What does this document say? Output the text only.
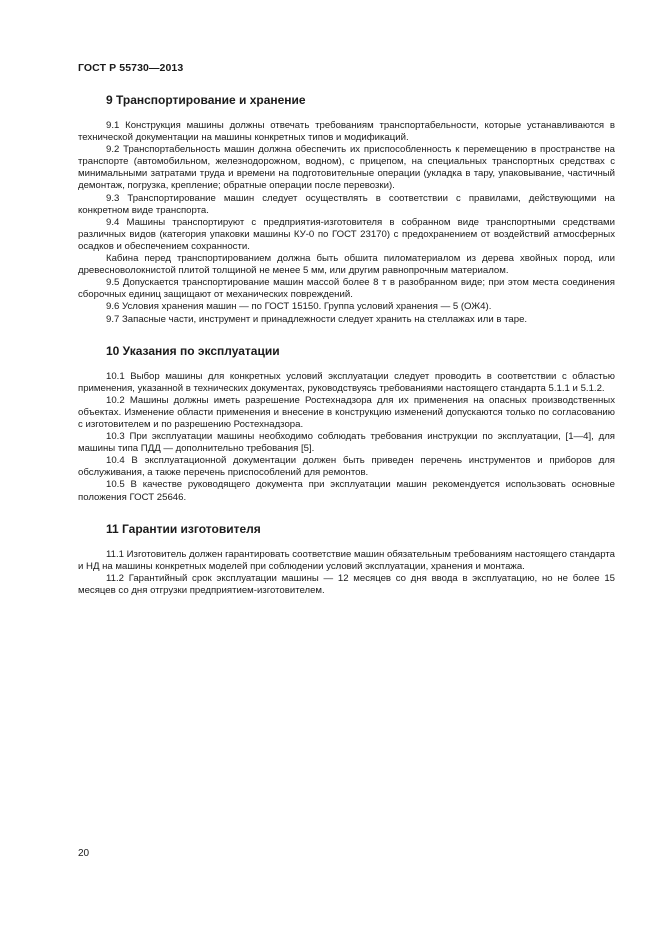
ГОСТ Р 55730—2013
9 Транспортирование и хранение

9.1 Конструкция машины должны отвечать требованиям транспортабельности, которые устанавливаются в технической документации на машины конкретных типов и модификаций.

9.2 Транспортабельность машин должна обеспечить их приспособленность к перемещению в пространстве на транспорте (автомобильном, железнодорожном, водном), с прицепом, на специальных транспортных средствах с минимальными затратами труда и времени на подготовительные операции (укладка в тару, упаковывание, частичный демонтаж, погрузка, крепление; обратные операции после перевозки).

9.3 Транспортирование машин следует осуществлять в соответствии с правилами, действующими на конкретном виде транспорта.

9.4 Машины транспортируют с предприятия-изготовителя в собранном виде транспортными средствами различных видов (категория упаковки машины КУ-0 по ГОСТ 23170) с предохранением от воздействий атмосферных осадков и обеспечением сохранности.

Кабина перед транспортированием должна быть обшита пиломатериалом из дерева хвойных пород, или древесноволокнистой плитой толщиной не менее 5 мм, или другим равнопрочным материалом.

9.5 Допускается транспортирование машин массой более 8 т в разобранном виде; при этом места соединения сборочных единиц защищают от механических повреждений.

9.6 Условия хранения машин — по ГОСТ 15150. Группа условий хранения — 5 (ОЖ4).

9.7 Запасные части, инструмент и принадлежности следует хранить на стеллажах или в таре.

10 Указания по эксплуатации

10.1 Выбор машины для конкретных условий эксплуатации следует проводить в соответствии с областью применения, указанной в технических документах, руководствуясь требованиями настоящего стандарта 5.1.1 и 5.1.2.

10.2 Машины должны иметь разрешение Ростехнадзора для их применения на опасных производственных объектах. Изменение области применения и внесение в конструкцию изменений допускаются только по согласованию с изготовителем и по разрешению Ростехнадзора.

10.3 При эксплуатации машины необходимо соблюдать требования инструкции по эксплуатации, [1—4], для машины типа ПДД — дополнительно требования [5].

10.4 В эксплуатационной документации должен быть приведен перечень инструментов и приборов для обслуживания, а также перечень приспособлений для ремонтов.

10.5 В качестве руководящего документа при эксплуатации машин рекомендуется использовать основные положения ГОСТ 25646.

11 Гарантии изготовителя

11.1 Изготовитель должен гарантировать соответствие машин обязательным требованиям настоящего стандарта и НД на машины конкретных моделей при соблюдении условий эксплуатации, хранения и монтажа.

11.2 Гарантийный срок эксплуатации машины — 12 месяцев со дня ввода в эксплуатацию, но не более 15 месяцев со дня отгрузки предприятием-изготовителем.

20
